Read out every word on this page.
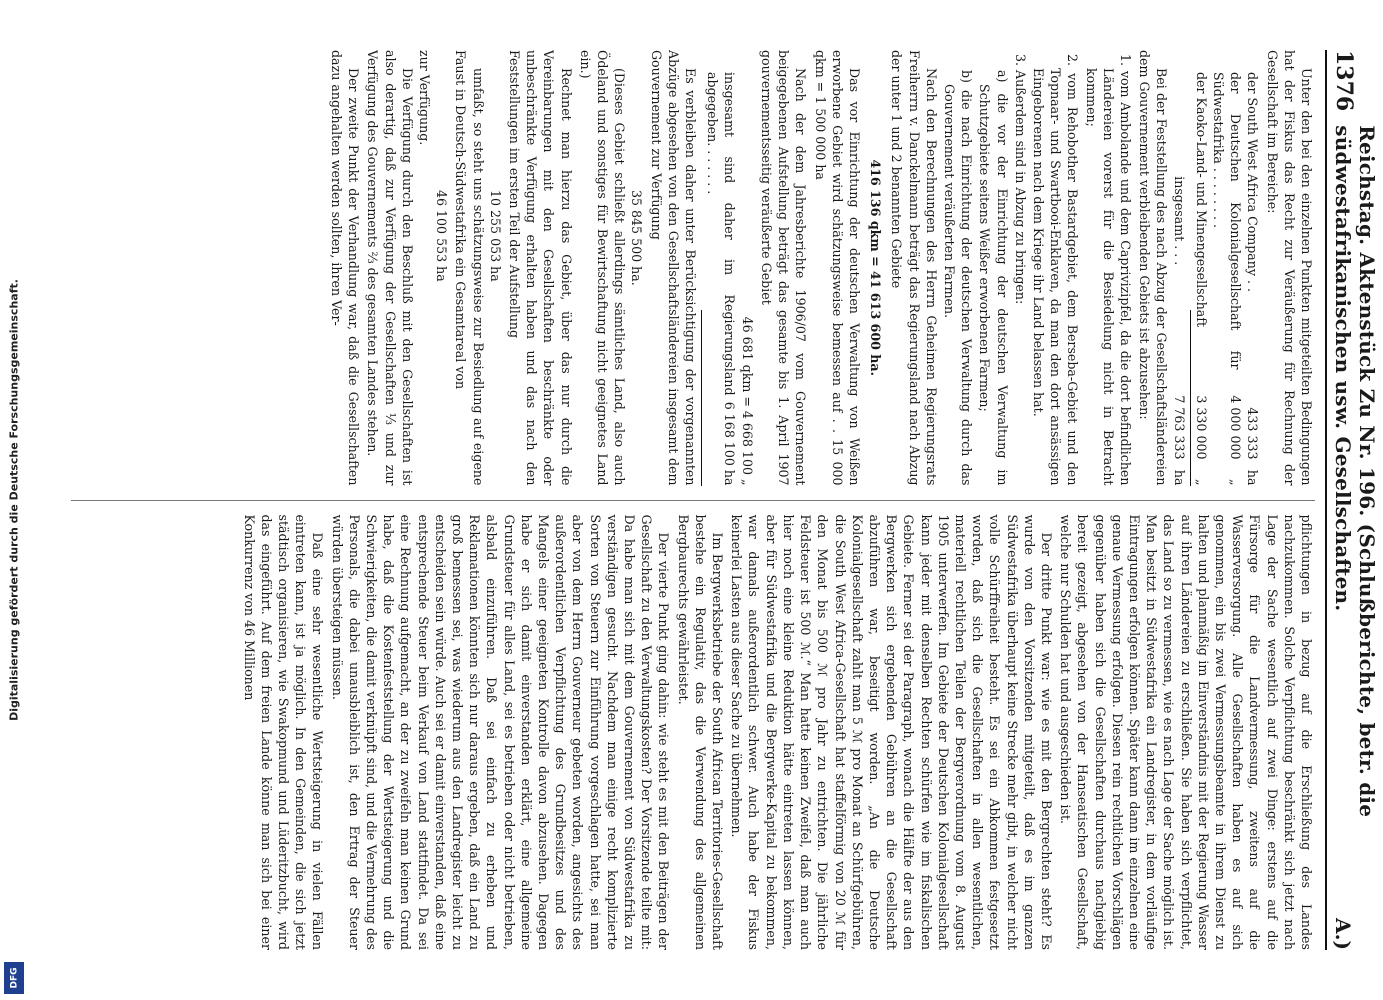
Digitalisierung gefördert durch die Deutsche Forschungsgemeinschaft.
DFG
1376
Reichstag. Aktenstück Zu Nr. 196. (Schlußberichte, betr. die südwestafrikanischen usw. Gesellschaften.
A.)

Unter den bei den einzelnen Punkten mitgeteilten Bedingungen hat der Fiskus das Recht zur Veräußerung für Rechnung der Gesellschaft im Bereiche:

der South West Africa Company . .
433 333
ha
der Deutschen Kolonialgesellschaft für Südwestafrika . . . . . . . .
4 000 000
„
der Kaoko-Land- und Minengesellschaft
3 330 000
„
insgesamt . . .
7 763 333
ha

Bei der Feststellung des nach Abzug der Gesellschaftsländereien dem Gouvernement verbleibenden Gebiets ist abzusehen:

1. vom Ambolande und dem Caprivizipfel, da die dort befindlichen Ländereien vorerst für die Besiedelung nicht in Betracht kommen;
2. vom Rehobother Bastardgebiet, dem Berseba-Gebiet und den Topnaar- und Swartbooi-Enklaven, da man den dort ansässigen Eingeborenen nach dem Kriege ihr Land belassen hat.
3. Außerdem sind in Abzug zu bringen:
a) die vor der Einrichtung der deutschen Verwaltung im Schutzgebiete seitens Weißer erworbenen Farmen;
b) die nach Einrichtung der deutschen Verwaltung durch das Gouvernement veräußerten Farmen.

Nach den Berechnungen des Herrn Geheimen Regierungsrats Freiherrn v. Danckelmann beträgt das Regierungsland nach Abzug der unter 1 und 2 benannten Gebiete

416 136 qkm = 41 613 600 ha.

Das vor Einrichtung der deutschen Verwaltung von Weißen erworbene Gebiet wird schätzungsweise bemessen auf . . 15 000 qkm = 1 500 000 ha

Nach der dem Jahresberichte 1906/07 vom Gouvernement beigegebenen Aufstellung beträgt das gesamte bis 1. April 1907 gouvernementsseitig veräußerte Gebiet

46 681 qkm = 4 668 100 „
insgesamt sind daher im Regierungsland abgegeben. . . . . . .
6 168 100 ha

Es verbleiben daher unter Berücksichtigung der vorgenannten Abzüge abgesehen von den Gesellschaftsländereien insgesamt dem Gouvernement zur Verfügung

35 845 500 ha.

(Dieses Gebiet schließt allerdings sämtliches Land, also auch Ödeland und sonstiges für Bewirtschaftung nicht geeignetes Land ein.)

Rechnet man hierzu das Gebiet, über das nur durch die Vereinbarungen mit den Gesellschaften beschränkte oder unbeschränkte Verfügung erhalten haben und das nach den Feststellungen im ersten Teil der Aufstellung

10 255 053 ha

umfaßt, so steht uns schätzungsweise zur Besiedlung auf eigene Faust in Deutsch-Südwestafrika ein Gesamtareal von

46 100 553 ha
zur Verfügung.

Die Verfügung durch den Beschluß mit den Gesellschaften ist also derartig, daß zur Verfügung der Gesellschaften ⅓ und zur Verfügung des Gouvernements ⅔ des gesamten Landes stehen.

Der zweite Punkt der Verhandlung war, daß die Gesellschaften dazu angehalten werden sollten, ihren Ver-

pflichtungen in bezug auf die Erschließung des Landes nachzukommen. Solche Verpflichtung beschränkt sich jetzt nach Lage der Sache wesentlich auf zwei Dinge: erstens auf die Fürsorge für die Landvermessung, zweitens auf die Wasserversorgung. Alle Gesellschaften haben es auf sich genommen, ein bis zwei Vermessungsbeamte in ihrem Dienst zu halten und planmäßig im Einverständnis mit der Regierung Wasser auf ihren Ländereien zu erschließen. Sie haben sich verpflichtet, das Land so zu vermessen, wie es nach Lage der Sache möglich ist. Man besitzt in Südwestafrika ein Landregister, in dem vorläufige Eintragungen erfolgen können. Später kann dann im einzelnen eine genaue Vermessung erfolgen. Diesen rein rechtlichen Vorschlägen gegenüber haben sich die Gesellschaften durchaus nachgiebig bereit gezeigt, abgesehen von der Hanseatischen Gesellschaft, welche nur Schulden hat und ausgeschieden ist.

Der dritte Punkt war: wie es mit den Bergrechten steht? Es wurde von den Vorsitzenden mitgeteilt, daß es im ganzen Südwestafrika überhaupt keine Strecke mehr gibt, in welcher nicht volle Schürffreiheit besteht. Es sei ein Abkommen festgesetzt worden, daß sich die Gesellschaften in allen wesentlichen, materiell rechtlichen Teilen der Bergverordnung vom 8. August 1905 unterwerfen. Im Gebiete der Deutschen Kolonialgesellschaft kann jeder mit denselben Rechten schürfen wie im fiskalischen Gebiete. Ferner sei der Paragraph, wonach die Hälfte der aus den Bergwerken sich ergebenden Gebühren an die Gesellschaft abzuführen war, beseitigt worden. „An die Deutsche Kolonialgesellschaft zahlt man 5 ℳ pro Monat an Schürfgebühren, die South West Africa-Gesellschaft hat staffelförmig von 20 ℳ für den Monat bis 500 ℳ pro Jahr zu entrichten. Die jährliche Feldsteuer ist 500 ℳ.“ Man hatte keinen Zweifel, daß man auch hier noch eine kleine Reduktion hätte eintreten lassen können, aber für Südwestafrika und die Bergwerke-Kapital zu bekommen, war damals außerordentlich schwer. Auch habe der Fiskus keinerlei Lasten aus dieser Sache zu übernehmen.

Im Bergwerksbetriebe der South African Territories-Gesellschaft bestehe ein Regulativ, das die Verwendung des allgemeinen Bergbaurechts gewährleistet.

Der vierte Punkt ging dahin: wie steht es mit den Beiträgen der Gesellschaft zu den Verwaltungskosten? Der Vorsitzende teilte mit: Da habe man sich mit dem Gouvernement von Südwestafrika zu verständigen gesucht. Nachdem man einige recht komplizierte Sorten von Steuern zur Einführung vorgeschlagen hatte, sei man aber von dem Herrn Gouverneur gebeten worden, angesichts des außerordentlichen Verpflichtung des Grundbesitzes und des Mangels einer geeigneten Kontrolle davon abzusehen. Dagegen habe er sich damit einverstanden erklärt, eine allgemeine Grundsteuer für alles Land, sei es betrieben oder nicht betrieben, alsbald einzuführen. Daß sei einfach zu erheben und Reklamationen könnten sich nur daraus ergeben, daß ein Land zu groß bemessen sei, was wiederum aus den Landregister leicht zu entscheiden sein würde. Auch sei er damit einverstanden, daß eine entsprechende Steuer beim Verkauf von Land stattfindet. Da sei eine Rechnung aufgemacht, an der zu zweifeln man keinen Grund habe, daß die Kostenfeststellung der Wertsteigerung und die Schwierigkeiten, die damit verknüpft sind, und die Vermehrung des Personals, die dabei unausbleiblich ist, den Ertrag der Steuer würden übersteigen müssen.

Daß eine sehr wesentliche Wertsteigerung in vielen Fällen eintreten kann, ist ja möglich. In den Gemeinden, die sich jetzt städtisch organisieren, wie Swakopmund und Lüderitzbucht, wird das eingeführt. Auf dem freien Lande könne man sich bei einer Konkurrenz von 46 Millionen
